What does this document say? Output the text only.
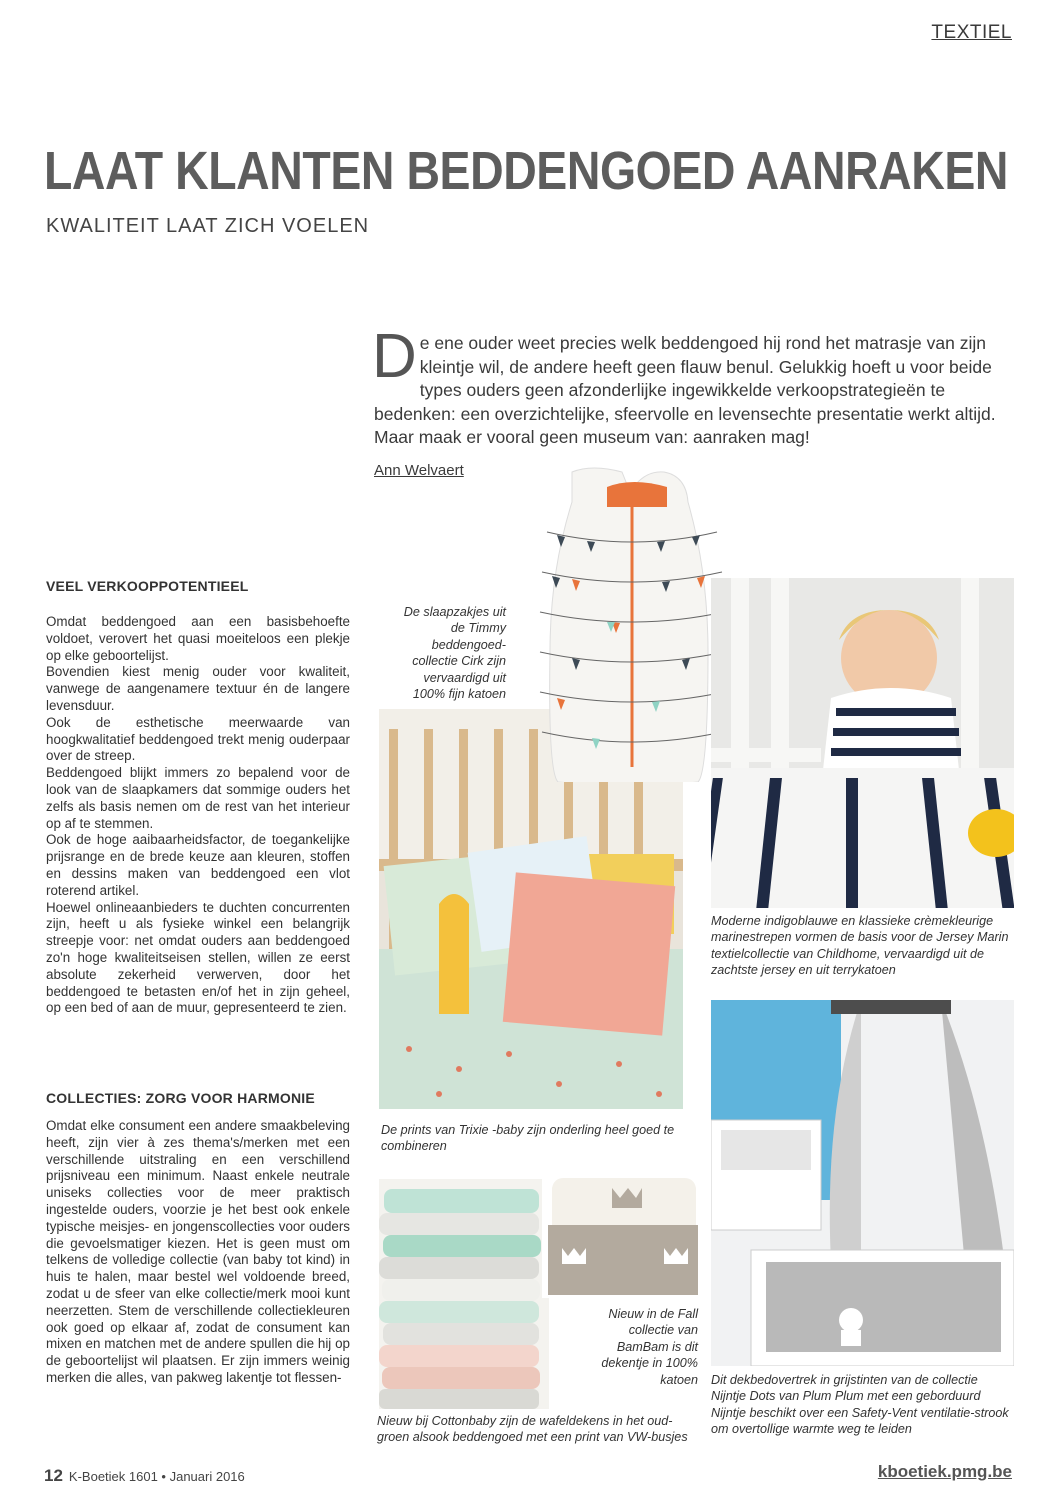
TEXTIEL
LAAT KLANTEN BEDDENGOED AANRAKEN
KWALITEIT LAAT ZICH VOELEN
De ene ouder weet precies welk beddengoed hij rond het matrasje van zijn kleintje wil, de andere heeft geen flauw benul. Gelukkig hoeft u voor beide types ouders geen afzonderlijke ingewikkelde verkoopstrategieën te bedenken: een overzichtelijke, sfeervolle en levensechte presentatie werkt altijd. Maar maak er vooral geen museum van: aanraken mag!
Ann Welvaert
VEEL VERKOOPPOTENTIEEL

Omdat beddengoed aan een basisbehoefte voldoet, verovert het quasi moeiteloos een plekje op elke geboortelijst.

Bovendien kiest menig ouder voor kwaliteit, vanwege de aangenamere textuur én de langere levensduur.

Ook de esthetische meerwaarde van hoogkwalitatief beddengoed trekt menig ouderpaar over de streep.

Beddengoed blijkt immers zo bepalend voor de look van de slaapkamers dat sommige ouders het zelfs als basis nemen om de rest van het interieur op af te stemmen.

Ook de hoge aaibaarheidsfactor, de toegankelijke prijsrange en de brede keuze aan kleuren, stoffen en dessins maken van beddengoed een vlot roterend artikel.

Hoewel onlineaanbieders te duchten concurrenten zijn, heeft u als fysieke winkel een belangrijk streepje voor: net omdat ouders aan beddengoed zo'n hoge kwaliteitseisen stellen, willen ze eerst absolute zekerheid verwerven, door het beddengoed te betasten en/of het in zijn geheel, op een bed of aan de muur, gepresenteerd te zien.

COLLECTIES: ZORG VOOR HARMONIE

Omdat elke consument een andere smaakbeleving heeft, zijn vier à zes thema's/merken met een verschillende uitstraling en een verschillend prijsniveau een minimum. Naast enkele neutrale uniseks collecties voor de meer praktisch ingestelde ouders, voorzie je het best ook enkele typische meisjes- en jongenscollecties voor ouders die gevoelsmatiger kiezen. Het is geen must om telkens de volledige collectie (van baby tot kind) in huis te halen, maar bestel wel voldoende breed, zodat u de sfeer van elke collectie/merk mooi kunt neerzetten. Stem de verschillende collectiekleuren ook goed op elkaar af, zodat de consument kan mixen en matchen met de andere spullen die hij op de geboortelijst wil plaatsen. Er zijn immers weinig merken die alles, van pakweg lakentje tot flessen-

De slaapzakjes uit de Timmy beddengoed-collectie Cirk zijn vervaardigd uit 100% fijn katoen
Moderne indigoblauwe en klassieke crèmekleurige marinestrepen vormen de basis voor de Jersey Marin textielcollectie van Childhome, vervaardigd uit de zachtste jersey en uit terrykatoen
De prints van Trixie -baby zijn onderling heel goed te combineren
Nieuw in de Fall collectie van BamBam is dit dekentje in 100% katoen
Nieuw bij Cottonbaby zijn de wafeldekens in het oud-groen alsook beddengoed met een print van VW-busjes
Dit dekbedovertrek in grijstinten van de collectie Nijntje Dots van Plum Plum met een geborduurd Nijntje beschikt over een Safety-Vent ventilatie-strook om overtollige warmte weg te leiden
12 K-Boetiek 1601 • Januari 2016	kboetiek.pmg.be
